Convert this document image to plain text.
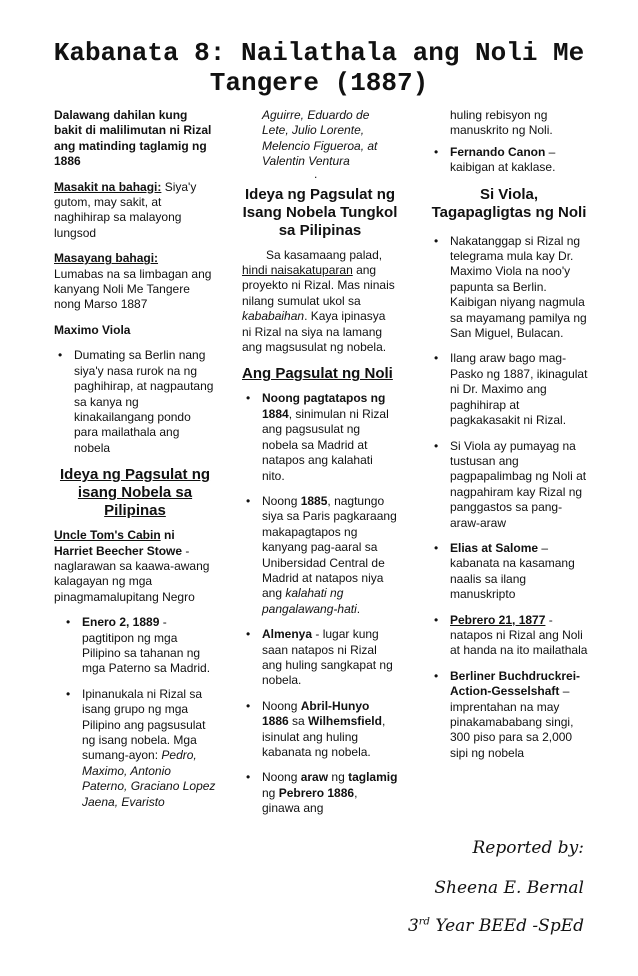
Kabanata 8: Nailathala ang Noli Me Tangere (1887)

Dalawang dahilan kung bakit di malilimutan ni Rizal ang matinding taglamig ng 1886

Masakit na bahagi: Siya'y gutom, may sakit, at naghihirap sa malayong lungsod

Masayang bahagi:
Lumabas na sa limbagan ang kanyang Noli Me Tangere nong Marso 1887

Maximo Viola

• Dumating sa Berlin nang siya'y nasa rurok na ng paghihirap, at nagpautang sa kanya ng kinakailangang pondo para mailathala ang nobela
Ideya ng Pagsulat ng isang Nobela sa Pilipinas

Uncle Tom's Cabin ni
Harriet Beecher Stowe - naglarawan sa kaawa-awang kalagayan ng mga pinagmamalupitang Negro

• Enero 2, 1889 - pagtitipon ng mga Pilipino sa tahanan ng mga Paterno sa Madrid.
• Ipinanukala ni Rizal sa isang grupo ng mga Pilipino ang pagsusulat ng isang nobela. Mga sumang-ayon: Pedro, Maximo, Antonio Paterno, Graciano Lopez Jaena, Evaristo
Aguirre, Eduardo de Lete, Julio Lorente, Melencio Figueroa, at Valentin Ventura
.
Ideya ng Pagsulat ng Isang Nobela Tungkol sa Pilipinas

Sa kasamaang palad, hindi naisakatuparan ang proyekto ni Rizal. Mas ninais nilang sumulat ukol sa kababaihan. Kaya ipinasya ni Rizal na siya na lamang ang magsusulat ng nobela.

Ang Pagsulat ng Noli
• Noong pagtatapos ng 1884, sinimulan ni Rizal ang pagsusulat ng nobela sa Madrid at natapos ang kalahati nito.
• Noong 1885, nagtungo siya sa Paris pagkaraang makapagtapos ng kanyang pag-aaral sa Unibersidad Central de Madrid at natapos niya ang kalahati ng pangalawang-hati.
• Almenya - lugar kung saan natapos ni Rizal ang huling sangkapat ng nobela.
• Noong Abril-Hunyo 1886 sa Wilhemsfield, isinulat ang huling kabanata ng nobela.
• Noong araw ng taglamig ng Pebrero 1886, ginawa ang
huling rebisyon ng manuskrito ng Noli.
• Fernando Canon – kaibigan at kaklase.
Si Viola, Tagapagligtas ng Noli
• Nakatanggap si Rizal ng telegrama mula kay Dr. Maximo Viola na noo'y papunta sa Berlin. Kaibigan niyang nagmula sa mayamang pamilya ng San Miguel, Bulacan.
• Ilang araw bago mag-Pasko ng 1887, ikinagulat ni Dr. Maximo ang paghihirap at pagkakasakit ni Rizal.
• Si Viola ay pumayag na tustusan ang pagpapalimbag ng Noli at nagpahiram kay Rizal ng panggastos sa pang-araw-araw
• Elias at Salome – kabanata na kasamang naalis sa ilang manuskripto
• Pebrero 21, 1877 - natapos ni Rizal ang Noli at handa na ito mailathala
• Berliner Buchdruckrei-Action-Gesselshaft – imprentahan na may pinakamababang singi, 300 piso para sa 2,000 sipi ng nobela
Reported by:
Sheena E. Bernal
3rd Year BEEd -SpEd
